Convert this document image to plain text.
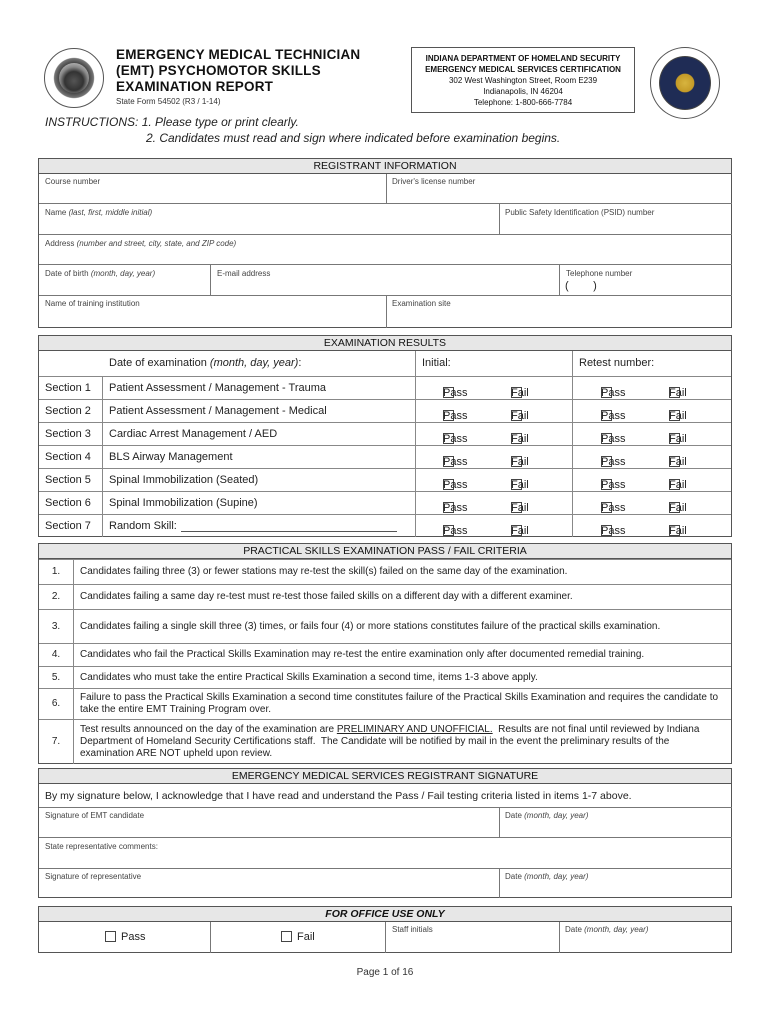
EMERGENCY MEDICAL TECHNICIAN
(EMT) PSYCHOMOTOR SKILLS
EXAMINATION REPORT
State Form 54502 (R3 / 1-14)
INDIANA DEPARTMENT OF HOMELAND SECURITY
EMERGENCY MEDICAL SERVICES CERTIFICATION
302 West Washington Street, Room E239
Indianapolis, IN 46204
Telephone: 1-800-666-7784
INSTRUCTIONS: 1. Please type or print clearly.
2. Candidates must read and sign where indicated before examination begins.
REGISTRANT INFORMATION
Course number	Driver's license number
Name (last, first, middle initial)	Public Safety Identification (PSID) number
Address (number and street, city, state, and ZIP code)
Date of birth (month, day, year)	E-mail address	Telephone number
(        )
Name of training institution	Examination site
EXAMINATION RESULTS
Date of examination (month, day, year):	Initial:	Retest number:
Section 1 Patient Assessment / Management - Trauma	Pass	Fail	Pass	Fail
Section 2 Patient Assessment / Management - Medical	Pass	Fail	Pass	Fail
Section 3 Cardiac Arrest Management / AED	Pass	Fail	Pass	Fail
Section 4 BLS Airway Management	Pass	Fail	Pass	Fail
Section 5 Spinal Immobilization (Seated)	Pass	Fail	Pass	Fail
Section 6 Spinal Immobilization (Supine)	Pass	Fail	Pass	Fail
Section 7 Random Skill:	Pass	Fail	Pass	Fail
PRACTICAL SKILLS EXAMINATION PASS / FAIL CRITERIA
1.	Candidates failing three (3) or fewer stations may re-test the skill(s) failed on the same day of the examination.
2.	Candidates failing a same day re-test must re-test those failed skills on a different day with a different examiner.
3.	Candidates failing a single skill three (3) times, or fails four (4) or more stations constitutes failure of the practical skills examination.
4.	Candidates who fail the Practical Skills Examination may re-test the entire examination only after documented remedial training.
5.	Candidates who must take the entire Practical Skills Examination a second time, items 1-3 above apply.
6.
Failure to pass the Practical Skills Examination a second time constitutes failure of the Practical Skills Examination and requires the candidate to take the entire EMT Training Program over.
7.
Test results announced on the day of the examination are PRELIMINARY AND UNOFFICIAL.  Results are not final until reviewed by Indiana Department of Homeland Security Certifications staff.  The Candidate will be notified by mail in the event the preliminary results of the examination ARE NOT upheld upon review.
EMERGENCY MEDICAL SERVICES REGISTRANT SIGNATURE
By my signature below, I acknowledge that I have read and understand the Pass / Fail testing criteria listed in items 1-7 above.
Signature of EMT candidate	Date (month, day, year)
State representative comments:
Signature of representative	Date (month, day, year)
FOR OFFICE USE ONLY
Pass	Fail
Staff initials	Date (month, day, year)
Page 1 of 16
